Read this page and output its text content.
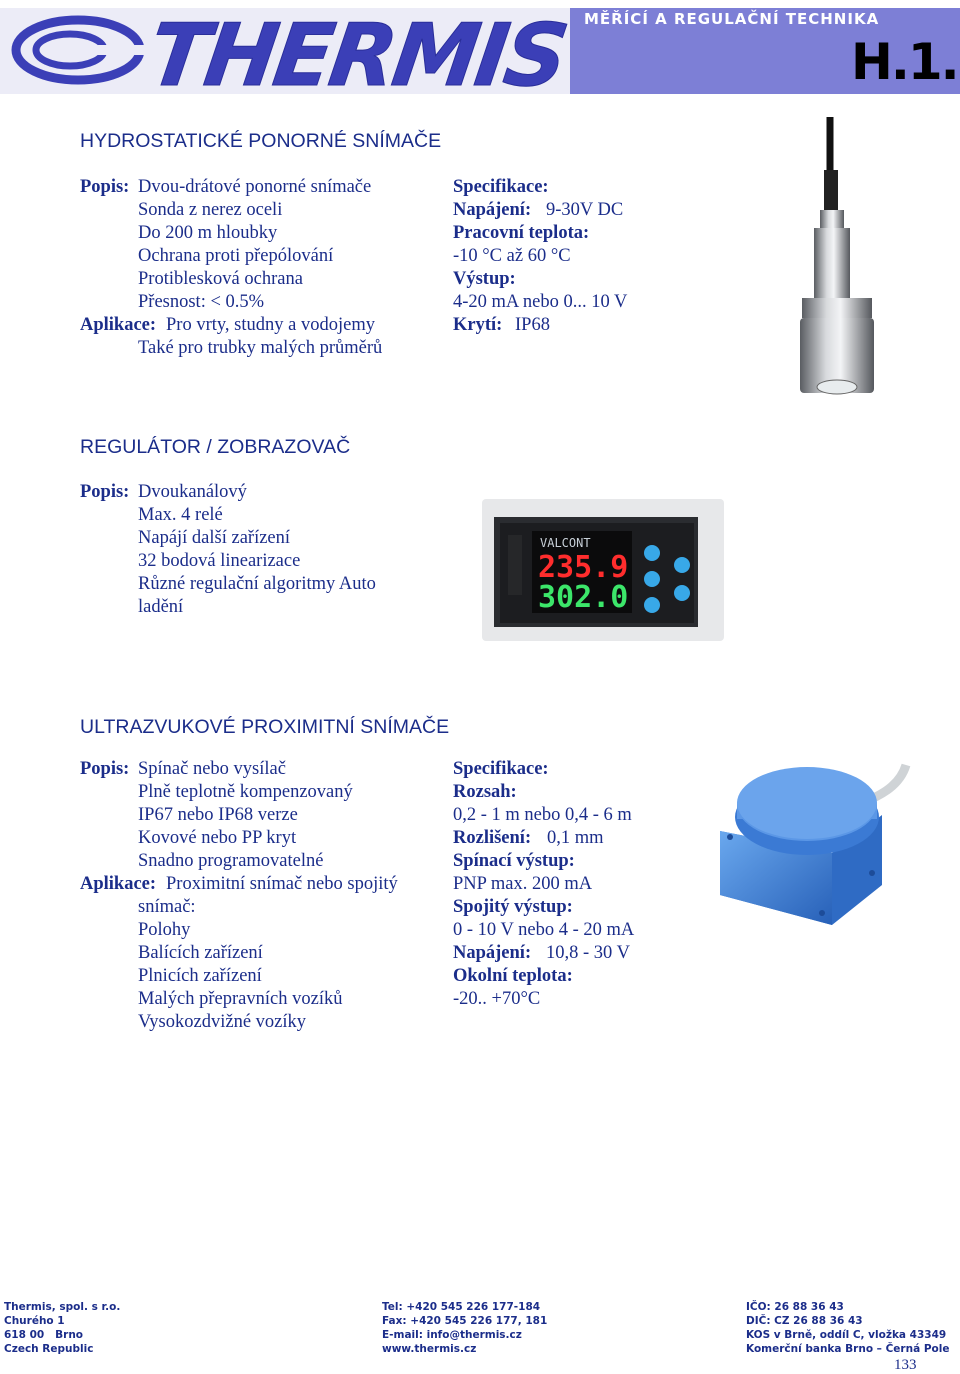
THERMIS MĚŘÍCÍ A REGULAČNÍ TECHNIKA
H.1.
HYDROSTATICKÉ PONORNÉ SNÍMAČE
Popis: Dvou-drátové ponorné snímače
Sonda z nerez oceli
Do 200 m hloubky
Ochrana proti přepólování
Protiblesková ochrana
Přesnost: < 0.5%
Aplikace: Pro vrty, studny a vodojemy
Také pro trubky malých průměrů
Specifikace:
Napájení: 9-30V DC
Pracovní teplota:
-10 °C až 60 °C
Výstup:
4-20 mA nebo 0... 10 V
Krytí: IP68
REGULÁTOR / ZOBRAZOVAČ
Popis: Dvoukanálový
Max. 4 relé
Napájí další zařízení
32 bodová linearizace
Různé regulační algoritmy Auto
ladění
VALCONT
235.9
302.0
ULTRAZVUKOVÉ PROXIMITNÍ SNÍMAČE
Popis: Spínač nebo vysílač
Plně teplotně kompenzovaný
IP67 nebo IP68 verze
Kovové nebo PP kryt
Snadno programovatelné
Aplikace: Proximitní snímač nebo spojitý
snímač:
Polohy
Balících zařízení
Plnicích zařízení
Malých přepravních vozíků
Vysokozdvižné vozíky
Specifikace:
Rozsah:
0,2 - 1 m nebo 0,4 - 6 m
Rozlišení: 0,1 mm
Spínací výstup:
PNP max. 200 mA
Spojitý výstup:
0 - 10 V nebo 4 - 20 mA
Napájení: 10,8 - 30 V
Okolní teplota:
-20.. +70°C
Thermis, spol. s r.o.
Churého 1
618 00   Brno
Czech Republic
Tel: +420 545 226 177-184
Fax: +420 545 226 177, 181
E-mail: info@thermis.cz
www.thermis.cz
IČO: 26 88 36 43
DIČ: CZ 26 88 36 43
KOS v Brně, oddíl C, vložka 43349
Komerční banka Brno – Černá Pole
133
